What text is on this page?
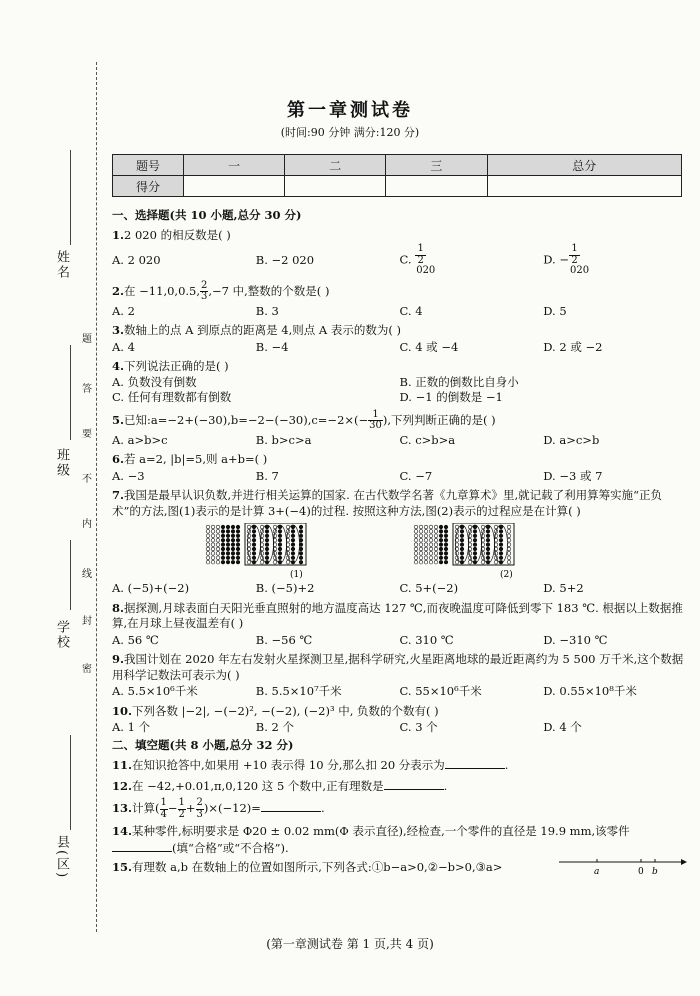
姓名
班级
学校
县(区)
题
答
要
不
内
线
封
密
第一章测试卷
(时间:90 分钟 满分:120 分)
题号	一	二	三	总分
得分				
一、选择题(共 10 小题,总分 30 分)
1.2 020 的相反数是( )
A. 2 020	B. −2 020	C. $\frac{1}{2 020}$	D. − $\frac{1}{2 020}$
2.在 −11,0,0.5, $\frac{2}{3} ,-7$ 中,整数的个数是( )
A. 2	B. 3	C. 4	D. 5
3.数轴上的点 A 到原点的距离是 4,则点 A 表示的数为( )
A. 4	B. −4	C. 4 或 −4	D. 2 或 −2
4.下列说法正确的是( )
A. 负数没有倒数	B. 正数的倒数比自身小
C. 任何有理数都有倒数	D. −1 的倒数是 −1
5.已知:a=−2+(−30),b=−2−(−30),c=−2×(− $\frac{1}{30}$ ),下列判断正确的是( )
A. a>b>c	B. b>c>a	C. c>b>a	D. a>c>b
6.若 a=2, |b|=5,则 a+b=( )
A. −3	B. 7	C. −7	D. −3 或 7
7.我国是最早认识负数,并进行相关运算的国家. 在古代数学名著《九章算术》里,就记载了利用算筹实施“正负术”的方法,图(1)表示的是计算 3+(−4)的过程. 按照这种方法,图(2)表示的过程应是在计算( )
(1)	(2)
A. (−5)+(−2)	B. (−5)+2	C. 5+(−2)	D. 5+2
8.据探测,月球表面白天阳光垂直照射的地方温度高达 127 ℃,而夜晚温度可降低到零下 183 ℃. 根据以上数据推算,在月球上昼夜温差有( )
A. 56 ℃	B. −56 ℃	C. 310 ℃	D. −310 ℃
9.我国计划在 2020 年左右发射火星探测卫星,据科学研究,火星距离地球的最近距离约为 5 500 万千米,这个数据用科学记数法可表示为( )
A. 5.5×10⁶千米	B. 5.5×10⁷千米	C. 55×10⁶千米	D. 0.55×10⁸千米
10.下列各数 |−2|, −(−2)², −(−2), (−2)³ 中, 负数的个数有( )
A. 1 个	B. 2 个	C. 3 个	D. 4 个
二、填空题(共 8 小题,总分 32 分)
11.在知识抢答中,如果用 +10 表示得 10 分,那么扣 20 分表示为	.
12.在 −42,+0.01,π,0,120 这 5 个数中,正有理数是	.
13.计算( $\frac{1}{4} - \frac{1}{2} + \frac{2}{3} )\times(-12)=$	.
14.某种零件,标明要求是 Φ20 ± 0.02 mm(Φ 表示直径),经检查,一个零件的直径是 19.9 mm,该零件
(填“合格”或“不合格”).
15.有理数 a,b 在数轴上的位置如图所示,下列各式:①b−a>0,②−b>0,③a>	a	0 b
(第一章测试卷 第 1 页,共 4 页)
